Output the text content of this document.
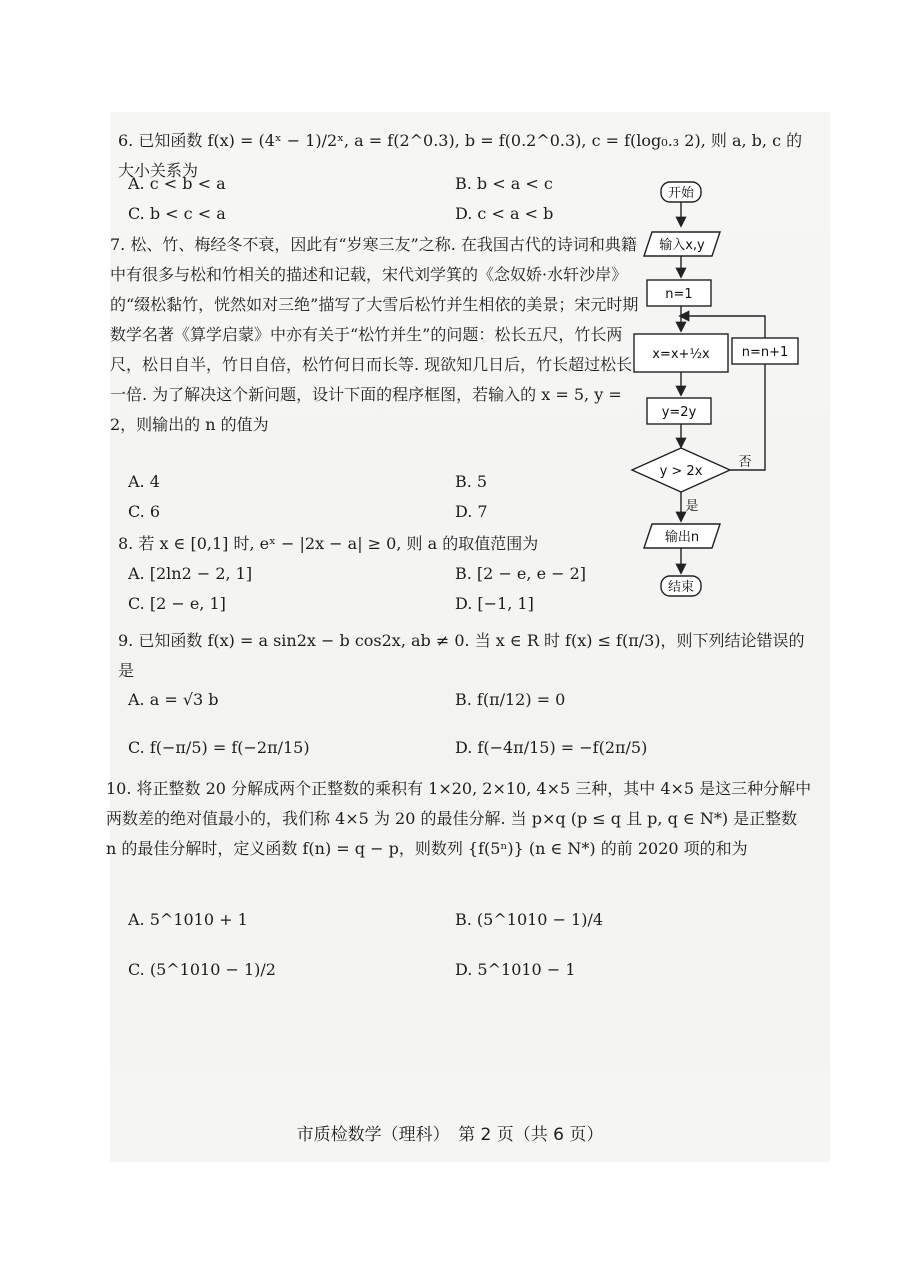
6. 已知函数 f(x) = (4ˣ − 1)/2ˣ, a = f(2^0.3), b = f(0.2^0.3), c = f(log₀.₃ 2), 则 a, b, c 的大小关系为
A. c < b < a	B. b < a < c
C. b < c < a	D. c < a < b
7. 松、竹、梅经冬不衰，因此有“岁寒三友”之称. 在我国古代的诗词和典籍中有很多与松和竹相关的描述和记载，宋代刘学箕的《念奴娇·水轩沙岸》的“缀松黏竹，恍然如对三绝”描写了大雪后松竹并生相依的美景；宋元时期数学名著《算学启蒙》中亦有关于“松竹并生”的问题：松长五尺，竹长两尺，松日自半，竹日自倍，松竹何日而长等. 现欲知几日后，竹长超过松长一倍. 为了解决这个新问题，设计下面的程序框图，若输入的 x = 5, y = 2，则输出的 n 的值为
A. 4	B. 5
C. 6	D. 7
开始
输入x,y
n=1
x=x+½x
y=2y
y > 2x
是
否
n=n+1
输出n
结束
8. 若 x ∈ [0,1] 时, eˣ − |2x − a| ≥ 0, 则 a 的取值范围为
A. [2ln2 − 2, 1]	B. [2 − e, e − 2]
C. [2 − e, 1]	D. [−1, 1]
9. 已知函数 f(x) = a sin2x − b cos2x, ab ≠ 0. 当 x ∈ R 时 f(x) ≤ f(π/3)，则下列结论错误的是
A. a = √3 b	B. f(π/12) = 0
C. f(−π/5) = f(−2π/15)	D. f(−4π/15) = −f(2π/5)
10. 将正整数 20 分解成两个正整数的乘积有 1×20, 2×10, 4×5 三种，其中 4×5 是这三种分解中两数差的绝对值最小的，我们称 4×5 为 20 的最佳分解. 当 p×q (p ≤ q 且 p, q ∈ N*) 是正整数 n 的最佳分解时，定义函数 f(n) = q − p，则数列 {f(5ⁿ)} (n ∈ N*) 的前 2020 项的和为
A. 5^1010 + 1	B. (5^1010 − 1)/4
C. (5^1010 − 1)/2	D. 5^1010 − 1
市质检数学（理科）　第 2 页（共 6 页）
